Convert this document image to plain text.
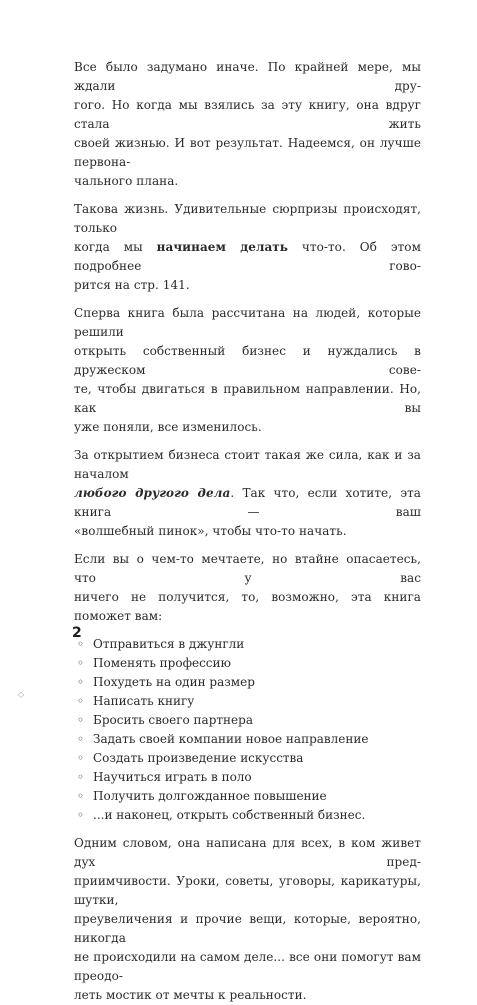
Все было задумано иначе. По крайней мере, мы ждали дру-
гого. Но когда мы взялись за эту книгу, она вдруг стала жить
своей жизнью. И вот результат. Надеемся, он лучше первона-
чального плана.

Такова жизнь. Удивительные сюрпризы происходят, только
когда мы начинаем делать что-то. Об этом подробнее гово-
рится на стр. 141.

Сперва книга была рассчитана на людей, которые решили
открыть собственный бизнес и нуждались в дружеском сове-
те, чтобы двигаться в правильном направлении. Но, как вы
уже поняли, все изменилось.

За открытием бизнеса стоит такая же сила, как и за началом
любого другого дела. Так что, если хотите, эта книга — ваш
«волшебный пинок», чтобы что-то начать.

Если вы о чем-то мечтаете, но втайне опасаетесь, что у вас
ничего не получится, то, возможно, эта книга поможет вам:

◦ Отправиться в джунгли
◦ Поменять профессию
◦ Похудеть на один размер
◦ Написать книгу
◦ Бросить своего партнера
◦ Задать своей компании новое направление
◦ Создать произведение искусства
◦ Научиться играть в поло
◦ Получить долгожданное повышение
◦ ...и наконец, открыть собственный бизнес.

Одним словом, она написана для всех, в ком живет дух пред-
приимчивости. Уроки, советы, уговоры, карикатуры, шутки,
преувеличения и прочие вещи, которые, вероятно, никогда
не происходили на самом деле... все они помогут вам преодо-
леть мостик от мечты к реальности.

2
◇
